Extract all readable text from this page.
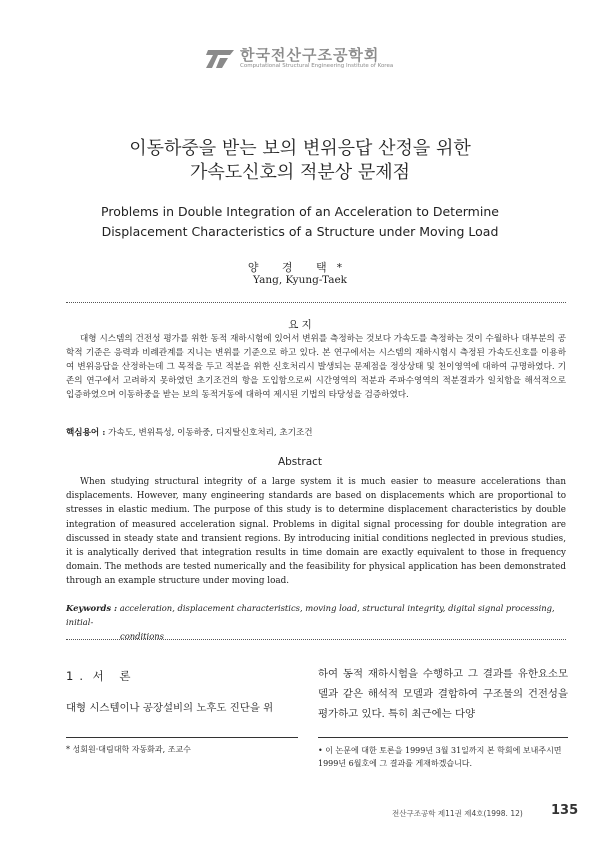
한국전산구조공학회
Computational Structural Engineering Institute of Korea
이동하중을 받는 보의 변위응답 산정을 위한
가속도신호의 적분상 문제점
Problems in Double Integration of an Acceleration to Determine
Displacement Characteristics of a Structure under Moving Load
양 경 택*
Yang, Kyung-Taek
요 지

대형 시스템의 건전성 평가를 위한 동적 재하시험에 있어서 변위를 측정하는 것보다 가속도를 측정하는 것이 수월하나 대부분의 공학적 기준은 응력과 비례관계를 지니는 변위를 기준으로 하고 있다. 본 연구에서는 시스템의 재하시험시 측정된 가속도신호를 이용하여 변위응답을 산정하는데 그 목적을 두고 적분을 위한 신호처리시 발생되는 문제점을 정상상태 및 천이영역에 대하여 규명하였다. 기존의 연구에서 고려하지 못하였던 초기조건의 항을 도입함으로써 시간영역의 적분과 주파수영역의 적분결과가 일치함을 해석적으로 입증하였으며 이동하중을 받는 보의 동적거동에 대하여 제시된 기법의 타당성을 검증하였다.

핵심용어 : 가속도, 변위특성, 이동하중, 디지탈신호처리, 초기조건
Abstract

When studying structural integrity of a large system it is much easier to measure accelerations than displacements. However, many engineering standards are based on displacements which are proportional to stresses in elastic medium. The purpose of this study is to determine displacement characteristics by double integration of measured acceleration signal. Problems in digital signal processing for double integration are discussed in steady state and transient regions. By introducing initial conditions neglected in previous studies, it is analytically derived that integration results in time domain are exactly equivalent to those in frequency domain. The methods are tested numerically and the feasibility for physical application has been demonstrated through an example structure under moving load.

Keywords : acceleration, displacement characteristics, moving load, structural integrity, digital signal processing, initial-
conditions
1. 서 론

대형 시스템이나 공장설비의 노후도 진단을 위

하여 동적 재하시험을 수행하고 그 결과를 유한요소모델과 같은 해석적 모델과 결합하여 구조물의 건전성을 평가하고 있다. 특히 최근에는 다양

* 성회원·대림대학 자동화과, 조교수	• 이 논문에 대한 토론을 1999년 3월 31일까지 본 학회에 보내주시면 1999년 6월호에 그 결과를 게재하겠습니다.
전산구조공학 제11권 제4호(1998. 12) 135
